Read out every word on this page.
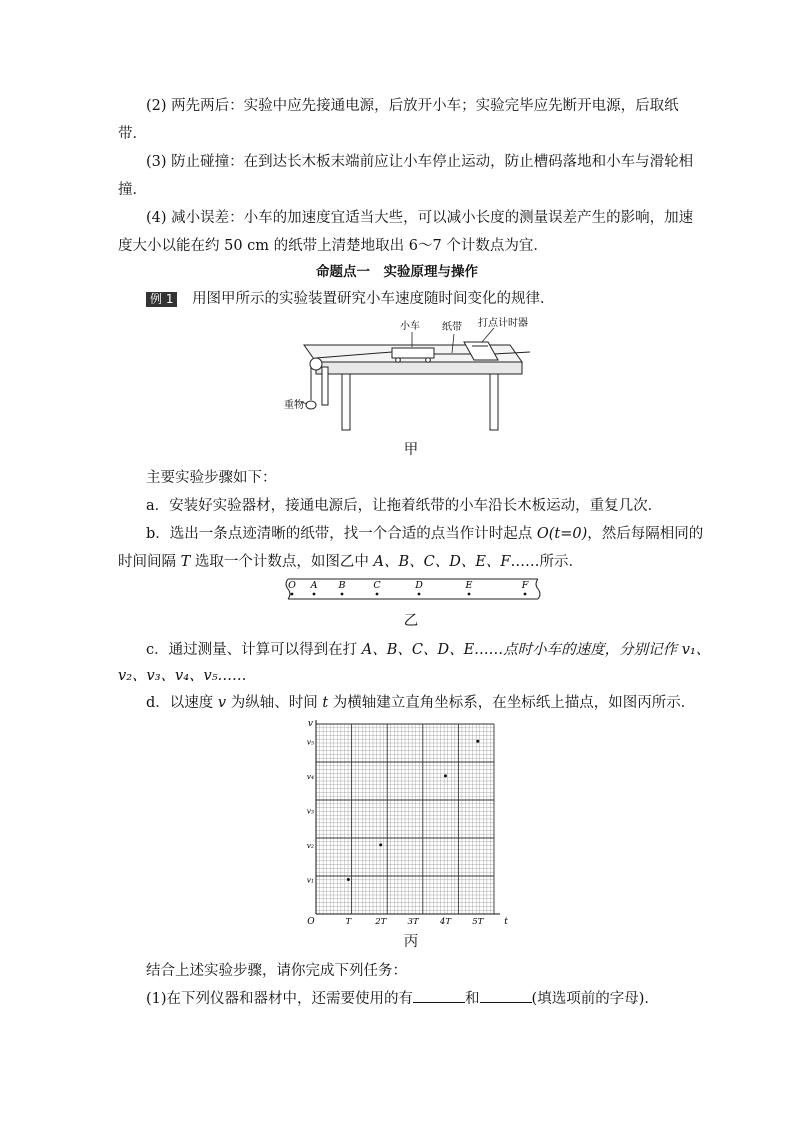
(2) 两先两后：实验中应先接通电源，后放开小车；实验完毕应先断开电源，后取纸
带．
(3) 防止碰撞：在到达长木板末端前应让小车停止运动，防止槽码落地和小车与滑轮相
撞．
(4) 减小误差：小车的加速度宜适当大些，可以减小长度的测量误差产生的影响，加速
度大小以能在约 50 cm 的纸带上清楚地取出 6～7 个计数点为宜．
命题点一　实验原理与操作
例 1 用图甲所示的实验装置研究小车速度随时间变化的规律．
小车 纸带 打点计时器
重物
甲
主要实验步骤如下：
a．安装好实验器材，接通电源后，让拖着纸带的小车沿长木板运动，重复几次．
b．选出一条点迹清晰的纸带，找一个合适的点当作计时起点 O(t=0)，然后每隔相同的
时间间隔 T 选取一个计数点，如图乙中 A、B、C、D、E、F……所示．
O A B	C	D	E	F
乙
c．通过测量、计算可以得到在打 A、B、C、D、E……点时小车的速度，分别记作 v₁、
v₂、v₃、v₄、v₅……
d．以速度 v 为纵轴、时间 t 为横轴建立直角坐标系，在坐标纸上描点，如图丙所示．
T	2T	3T	4T	5T
v₁
v₂
v₃
v₄
v₅
O	t
v
丙
结合上述实验步骤，请你完成下列任务：
(1)在下列仪器和器材中，还需要使用的有	和	(填选项前的字母)．
